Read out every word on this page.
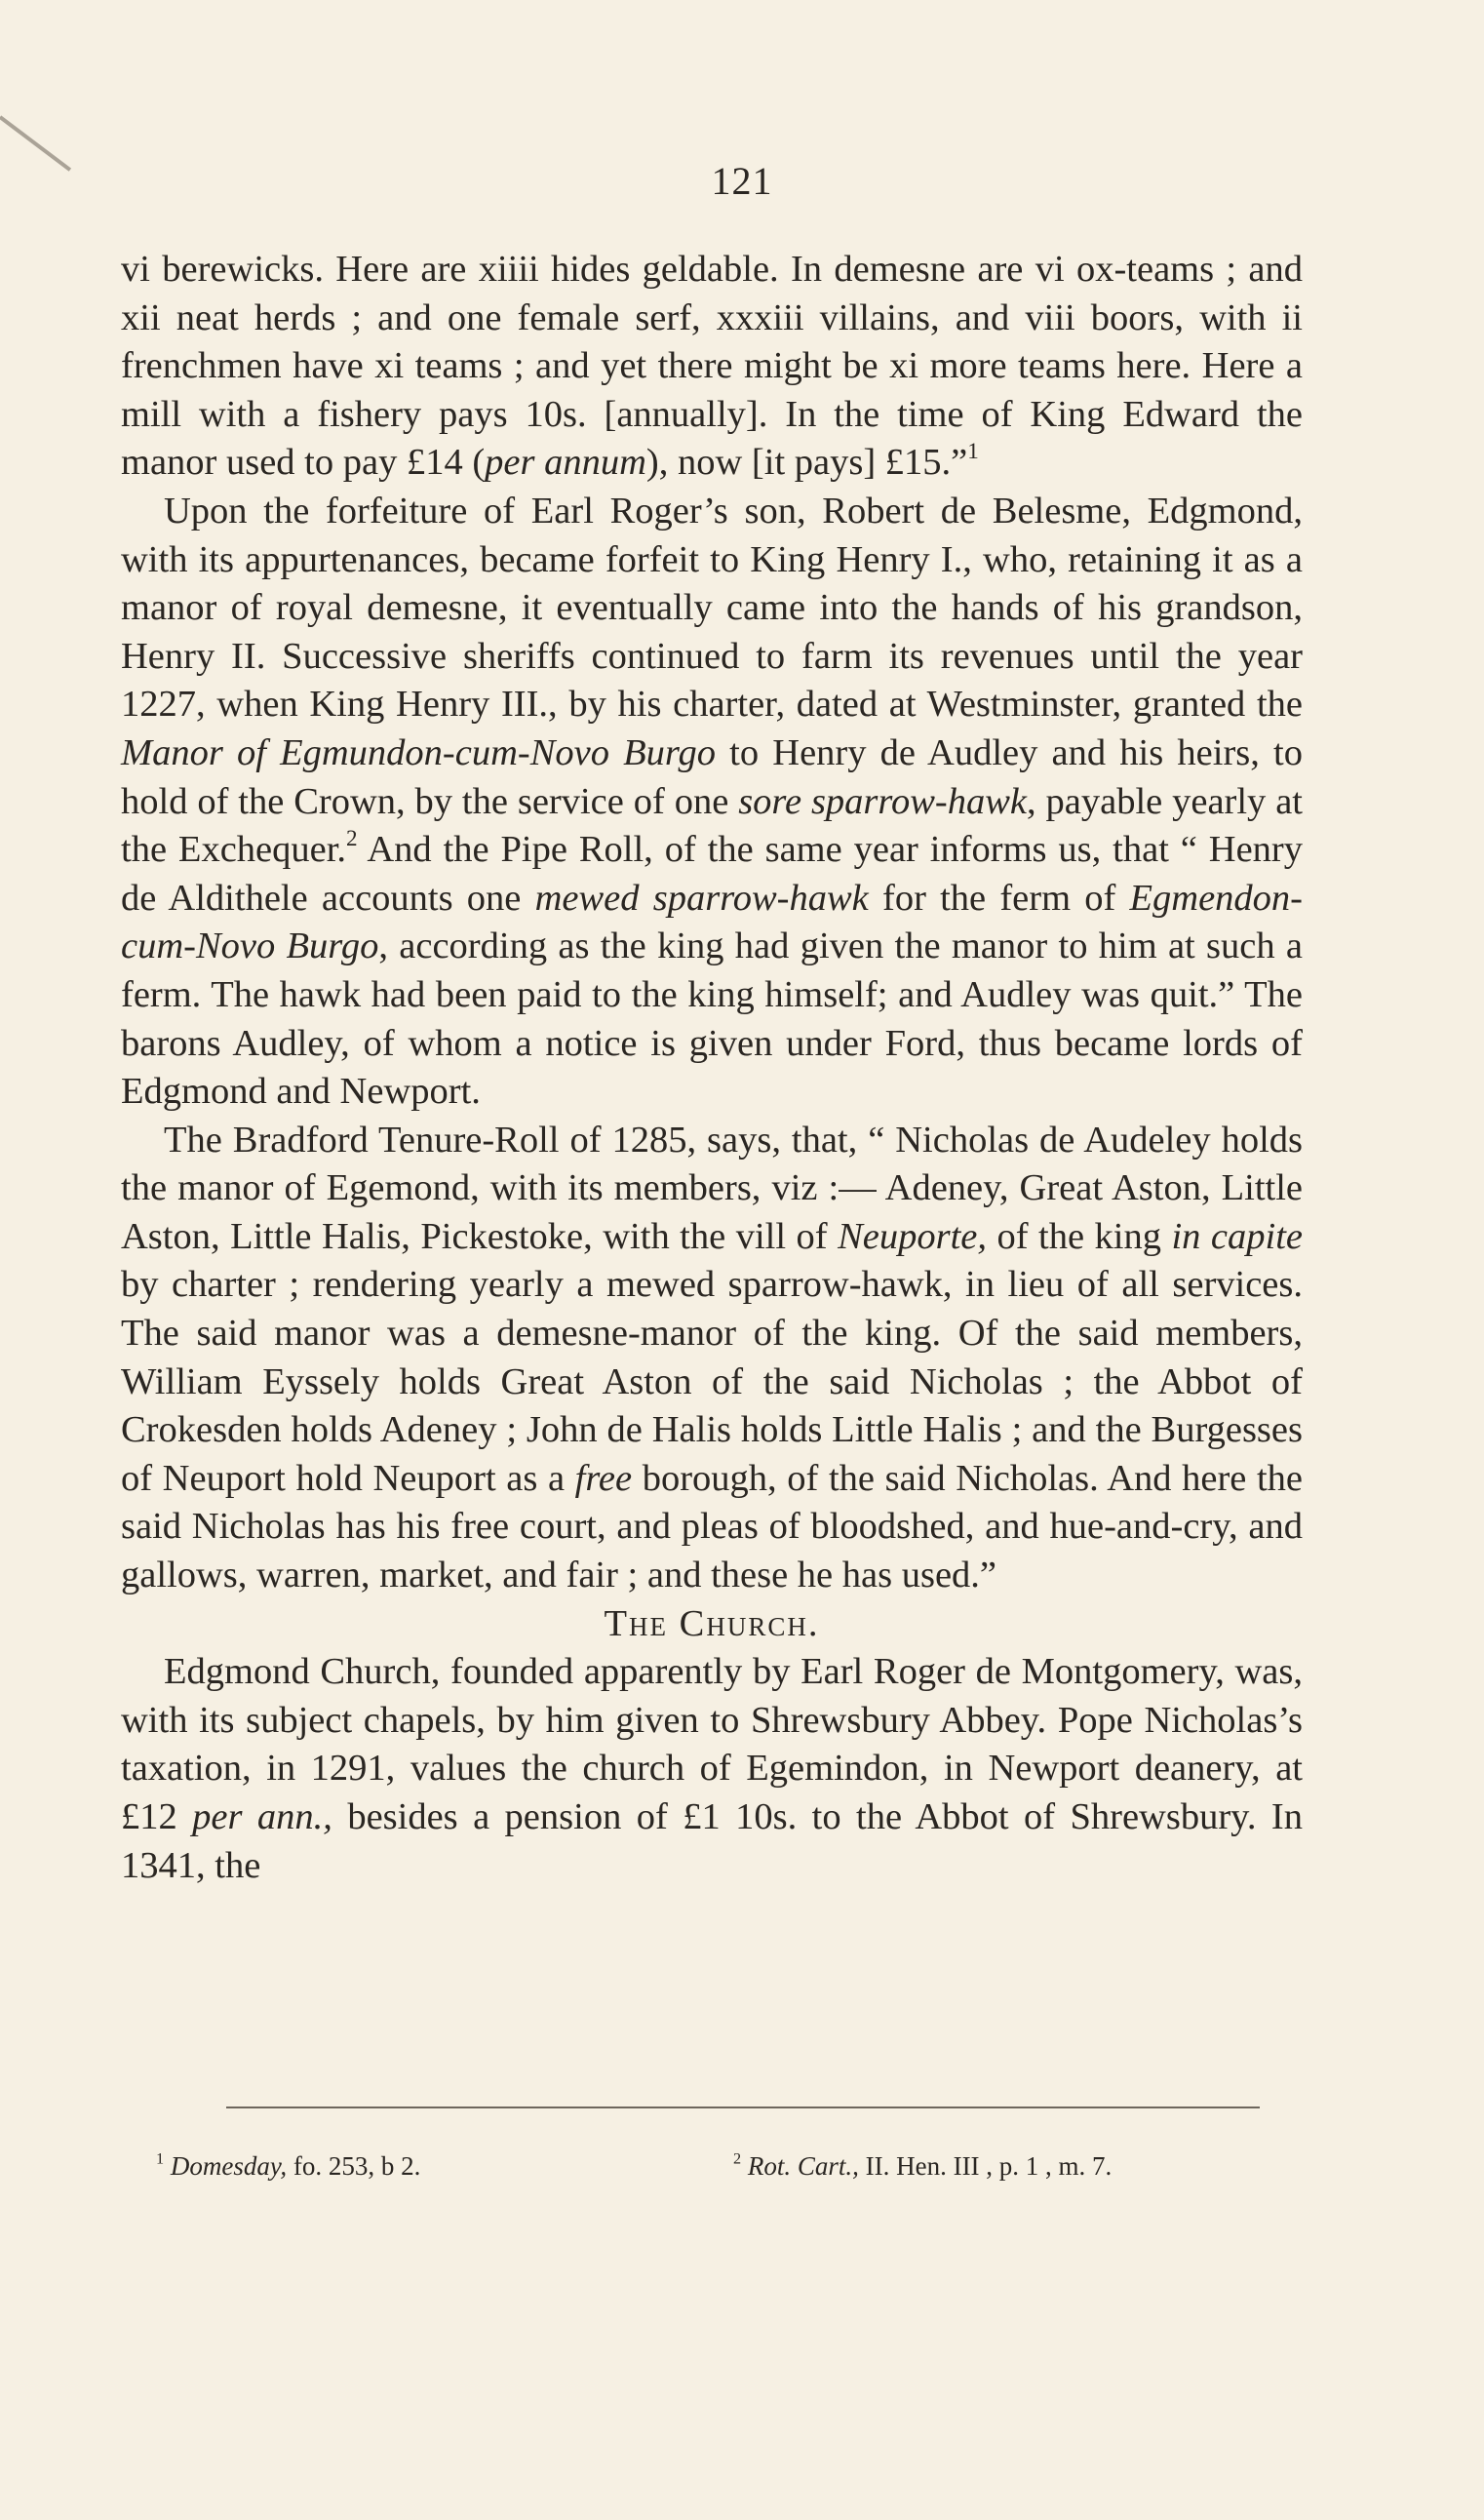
121

vi berewicks. Here are xiiii hides geldable. In demesne are vi ox-teams ; and xii neat herds ; and one female serf, xxxiii villains, and viii boors, with ii frenchmen have xi teams ; and yet there might be xi more teams here. Here a mill with a fishery pays 10s. [annually]. In the time of King Edward the manor used to pay £14 (per annum), now [it pays] £15.”$^1$

Upon the forfeiture of Earl Roger’s son, Robert de Belesme, Edgmond, with its appurtenances, became forfeit to King Henry I., who, retaining it as a manor of royal demesne, it eventually came into the hands of his grandson, Henry II. Successive sheriffs continued to farm its revenues until the year 1227, when King Henry III., by his charter, dated at Westminster, granted the Manor of Egmundon-cum-Novo Burgo to Henry de Audley and his heirs, to hold of the Crown, by the service of one sore sparrow-hawk, payable yearly at the Exchequer.$^2$ And the Pipe Roll, of the same year informs us, that “ Henry de Aldithele accounts one mewed sparrow-hawk for the ferm of Egmendon-cum-Novo Burgo, according as the king had given the manor to him at such a ferm. The hawk had been paid to the king himself; and Audley was quit.” The barons Audley, of whom a notice is given under Ford, thus became lords of Edgmond and Newport.

The Bradford Tenure-Roll of 1285, says, that, “ Nicholas de Audeley holds the manor of Egemond, with its members, viz :— Adeney, Great Aston, Little Aston, Little Halis, Pickestoke, with the vill of Neuporte, of the king in capite by charter ; rendering yearly a mewed sparrow-hawk, in lieu of all services. The said manor was a demesne-manor of the king. Of the said members, William Eyssely holds Great Aston of the said Nicholas ; the Abbot of Crokesden holds Adeney ; John de Halis holds Little Halis ; and the Burgesses of Neuport hold Neuport as a free borough, of the said Nicholas. And here the said Nicholas has his free court, and pleas of bloodshed, and hue-and-cry, and gallows, warren, market, and fair ; and these he has used.”

The Church.

Edgmond Church, founded apparently by Earl Roger de Montgomery, was, with its subject chapels, by him given to Shrewsbury Abbey. Pope Nicholas’s taxation, in 1291, values the church of Egemindon, in Newport deanery, at £12 per ann., besides a pension of £1 10s. to the Abbot of Shrewsbury. In 1341, the

$^1$ Domesday, fo. 253, b 2.	$^2$ Rot. Cart., II. Hen. III , p. 1 , m. 7.
